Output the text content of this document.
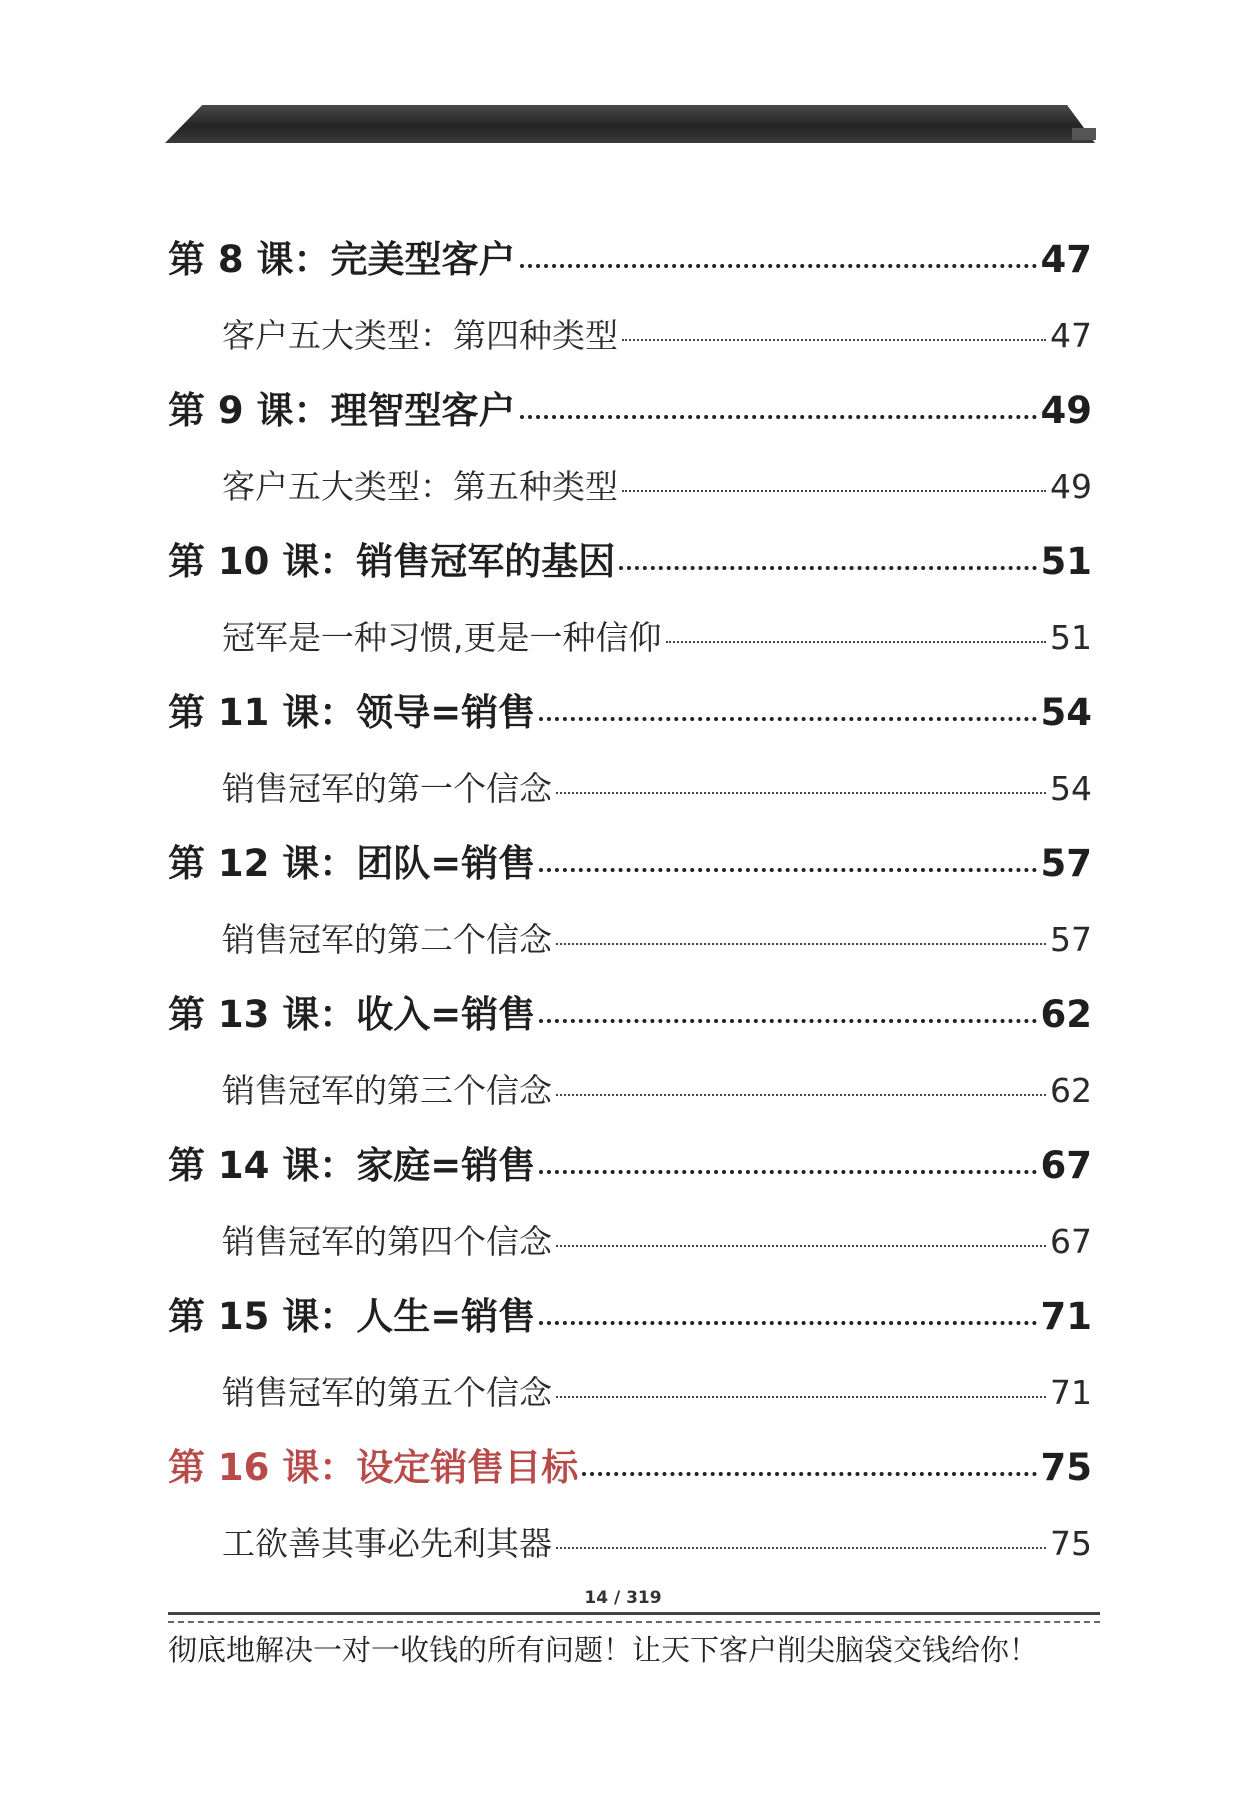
第 8 课：完美型客户	47
客户五大类型：第四种类型	47
第 9 课：理智型客户	49
客户五大类型：第五种类型	49
第 10 课：销售冠军的基因	51
冠军是一种习惯,更是一种信仰	51
第 11 课：领导=销售	54
销售冠军的第一个信念	54
第 12 课：团队=销售	57
销售冠军的第二个信念	57
第 13 课：收入=销售	62
销售冠军的第三个信念	62
第 14 课：家庭=销售	67
销售冠军的第四个信念	67
第 15 课：人生=销售	71
销售冠军的第五个信念	71
第 16 课：设定销售目标	75
工欲善其事必先利其器	75
14 / 319
彻底地解决一对一收钱的所有问题！让天下客户削尖脑袋交钱给你！
